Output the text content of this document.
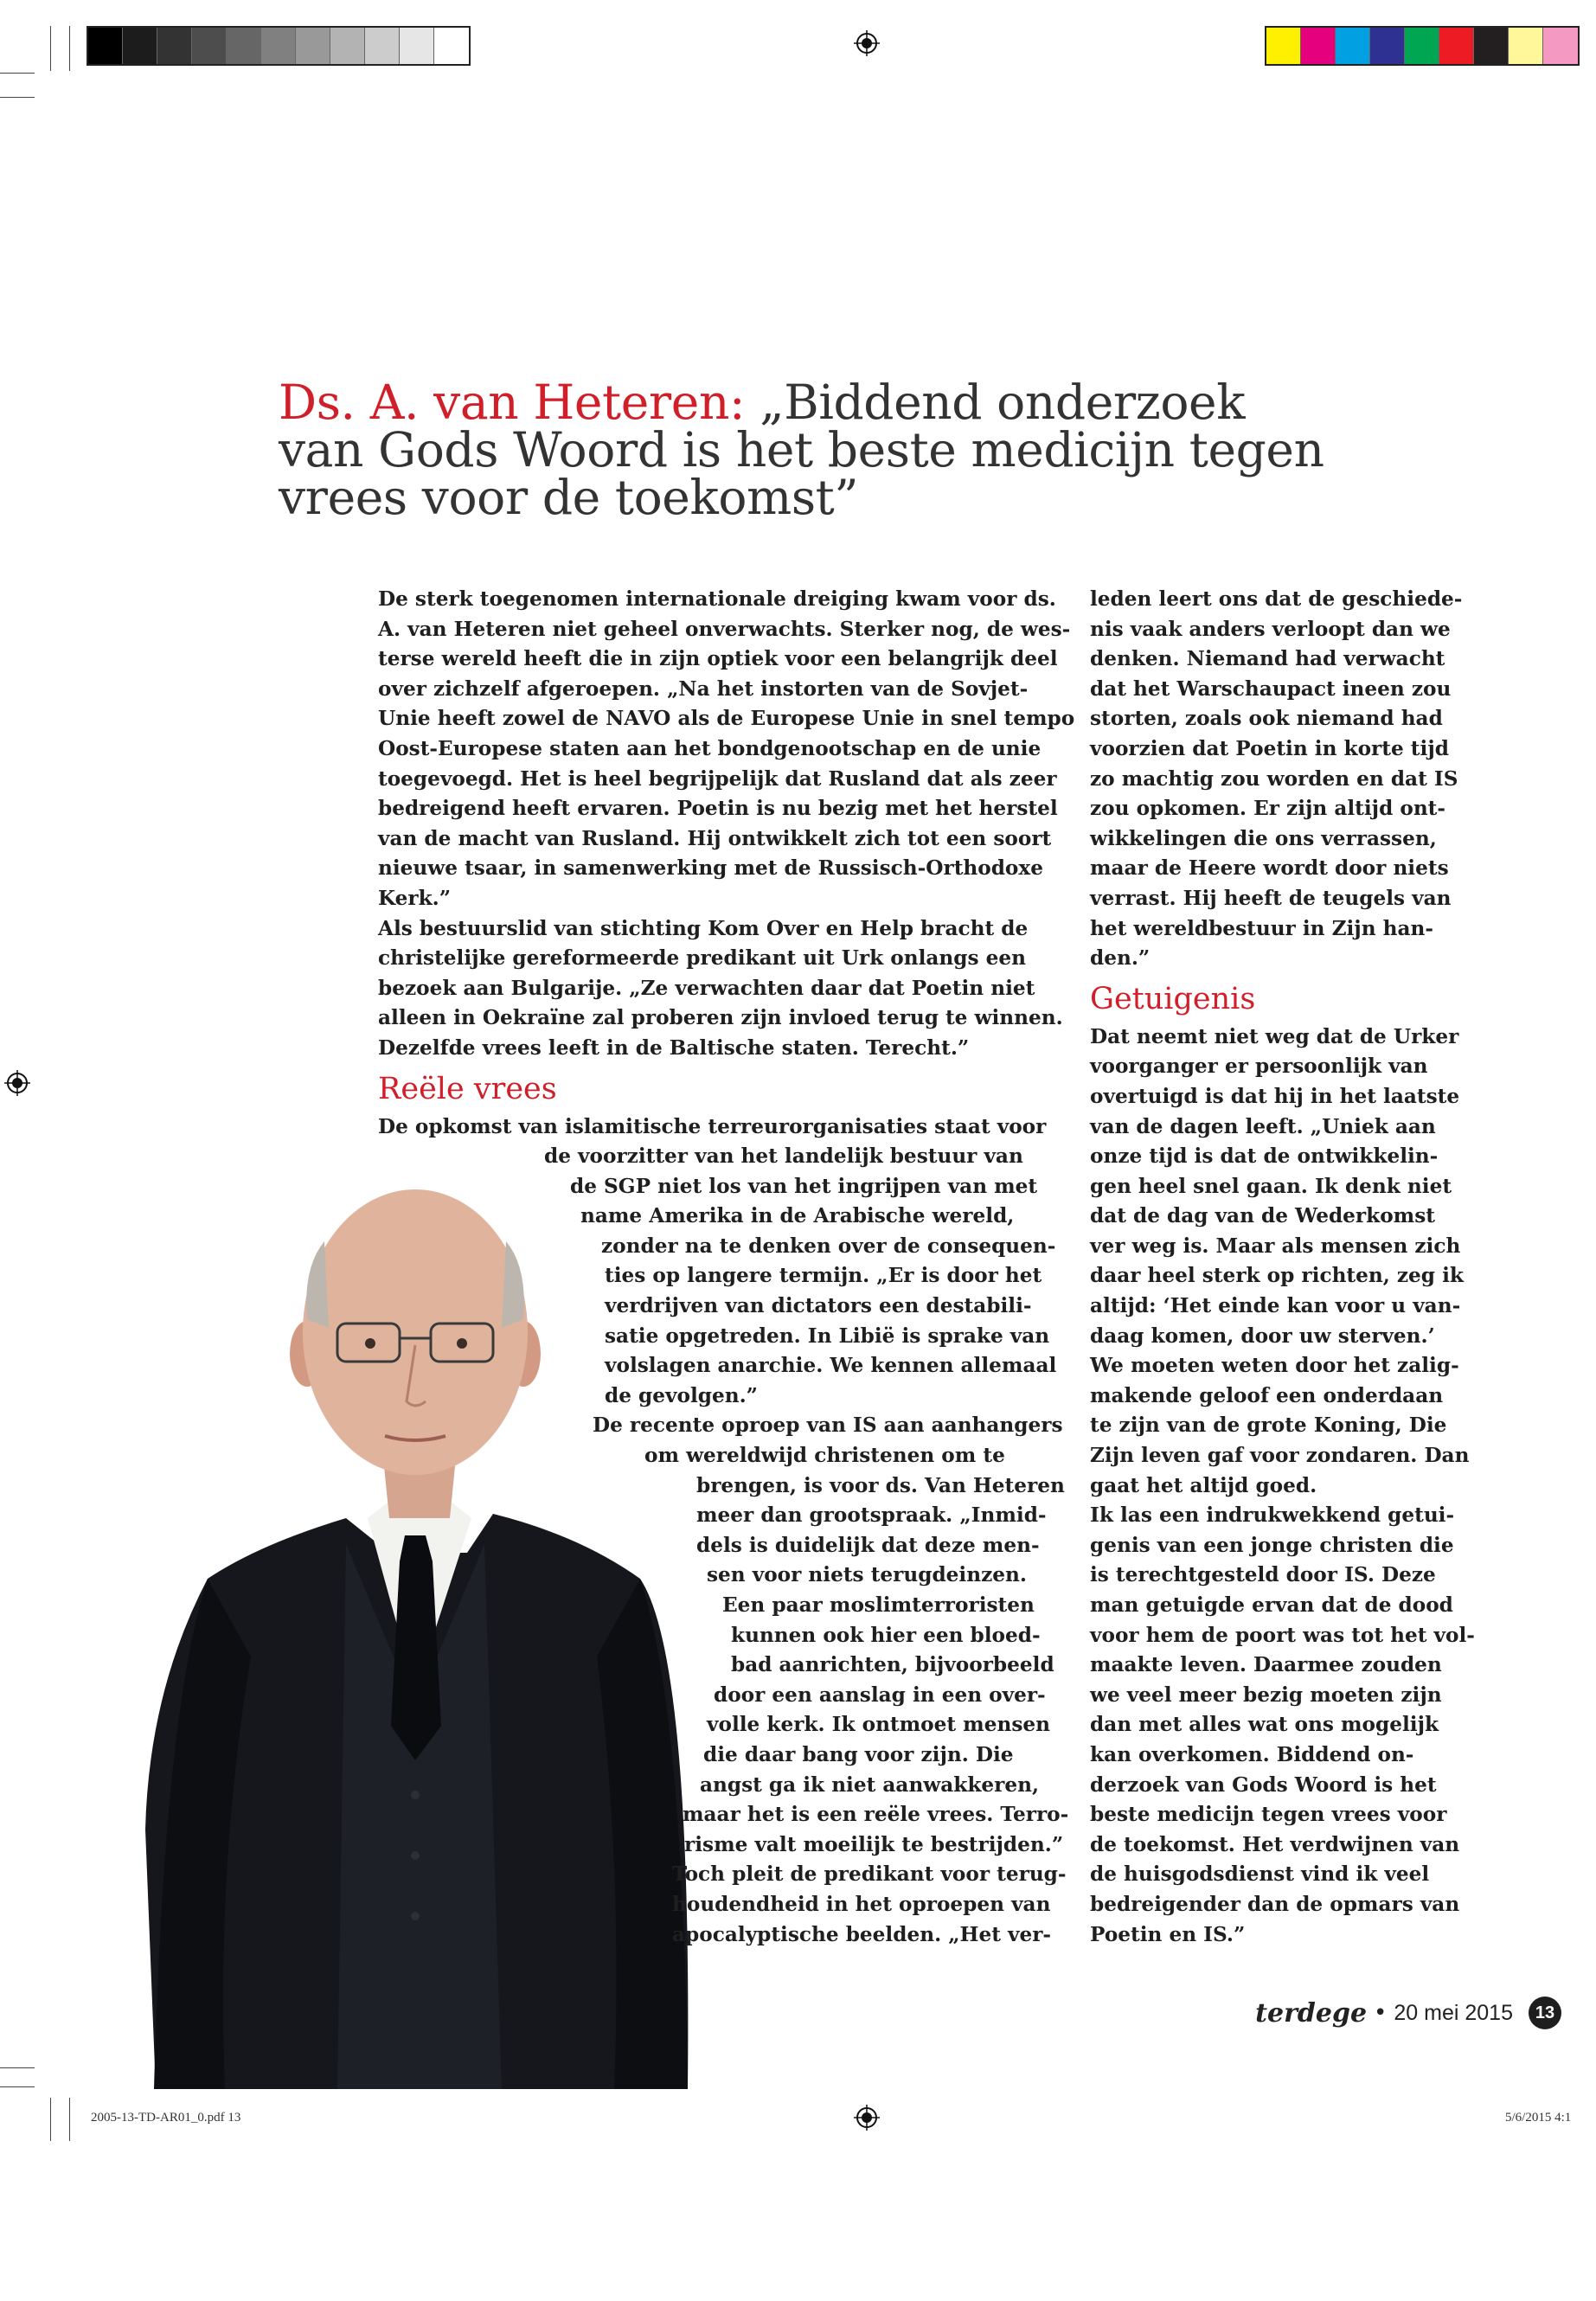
2005-13-TD-AR01_0.pdf 13	5/6/2015 4:1
Ds. A. van Heteren: „Biddend onderzoek
van Gods Woord is het beste medicijn tegen
vrees voor de toekomst”
De sterk toegenomen internationale dreiging kwam voor ds.
A. van Heteren niet geheel onverwachts. Sterker nog, de wes-
terse wereld heeft die in zijn optiek voor een belangrijk deel
over zichzelf afgeroepen. „Na het instorten van de Sovjet-
Unie heeft zowel de NAVO als de Europese Unie in snel tempo
Oost-Europese staten aan het bondgenootschap en de unie
toegevoegd. Het is heel begrijpelijk dat Rusland dat als zeer
bedreigend heeft ervaren. Poetin is nu bezig met het herstel
van de macht van Rusland. Hij ontwikkelt zich tot een soort
nieuwe tsaar, in samenwerking met de Russisch-Orthodoxe
Kerk.”
Als bestuurslid van stichting Kom Over en Help bracht de
christelijke gereformeerde predikant uit Urk onlangs een
bezoek aan Bulgarije. „Ze verwachten daar dat Poetin niet
alleen in Oekraïne zal proberen zijn invloed terug te winnen.
Dezelfde vrees leeft in de Baltische staten. Terecht.”
Reële vrees
De opkomst van islamitische terreurorganisaties staat voor
de voorzitter van het landelijk bestuur van
de SGP niet los van het ingrijpen van met
name Amerika in de Arabische wereld,
zonder na te denken over de consequen-
ties op langere termijn. „Er is door het
verdrijven van dictators een destabili-
satie opgetreden. In Libië is sprake van
volslagen anarchie. We kennen allemaal
de gevolgen.”
De recente oproep van IS aan aanhangers
om wereldwijd christenen om te
brengen, is voor ds. Van Heteren
meer dan grootspraak. „Inmid-
dels is duidelijk dat deze men-
sen voor niets terugdeinzen.
Een paar moslimterroristen
kunnen ook hier een bloed-
bad aanrichten, bijvoorbeeld
door een aanslag in een over-
volle kerk. Ik ontmoet mensen
die daar bang voor zijn. Die
angst ga ik niet aanwakkeren,
maar het is een reële vrees. Terro-
risme valt moeilijk te bestrijden.”
Toch pleit de predikant voor terug-
houdendheid in het oproepen van
apocalyptische beelden. „Het ver-
leden leert ons dat de geschiede-
nis vaak anders verloopt dan we
denken. Niemand had verwacht
dat het Warschaupact ineen zou
storten, zoals ook niemand had
voorzien dat Poetin in korte tijd
zo machtig zou worden en dat IS
zou opkomen. Er zijn altijd ont-
wikkelingen die ons verrassen,
maar de Heere wordt door niets
verrast. Hij heeft de teugels van
het wereldbestuur in Zijn han-
den.”
Getuigenis
Dat neemt niet weg dat de Urker
voorganger er persoonlijk van
overtuigd is dat hij in het laatste
van de dagen leeft. „Uniek aan
onze tijd is dat de ontwikkelin-
gen heel snel gaan. Ik denk niet
dat de dag van de Wederkomst
ver weg is. Maar als mensen zich
daar heel sterk op richten, zeg ik
altijd: ‘Het einde kan voor u van-
daag komen, door uw sterven.’
We moeten weten door het zalig-
makende geloof een onderdaan
te zijn van de grote Koning, Die
Zijn leven gaf voor zondaren. Dan
gaat het altijd goed.
Ik las een indrukwekkend getui-
genis van een jonge christen die
is terechtgesteld door IS. Deze
man getuigde ervan dat de dood
voor hem de poort was tot het vol-
maakte leven. Daarmee zouden
we veel meer bezig moeten zijn
dan met alles wat ons mogelijk
kan overkomen. Biddend on-
derzoek van Gods Woord is het
beste medicijn tegen vrees voor
de toekomst. Het verdwijnen van
de huisgodsdienst vind ik veel
bedreigender dan de opmars van
Poetin en IS.”
terdege • 20 mei 2015	13
